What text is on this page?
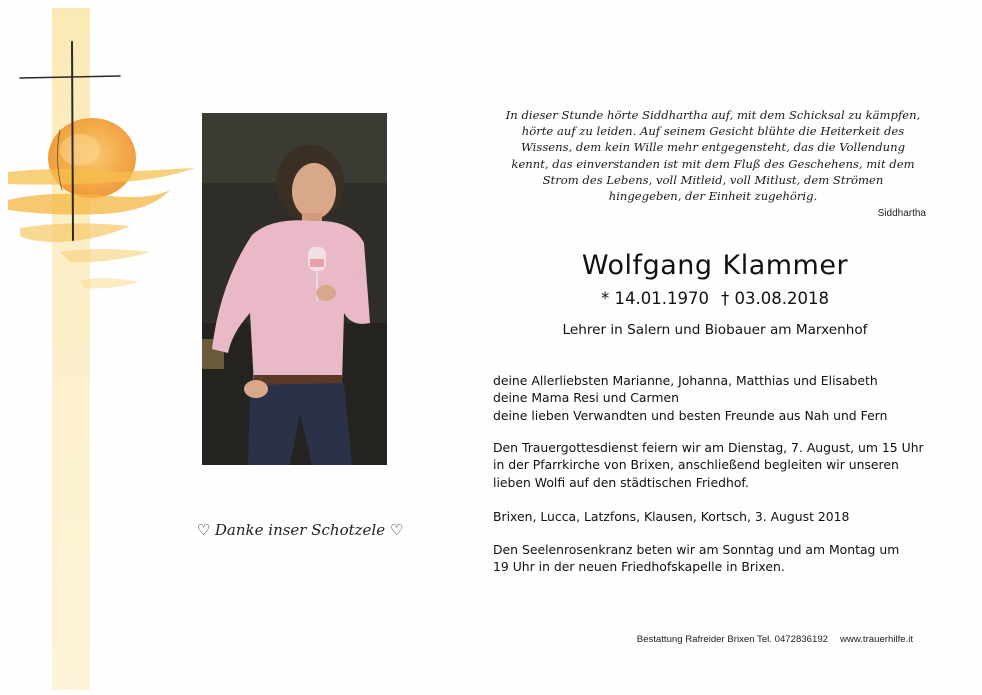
♡ Danke inser Schotzele ♡
In dieser Stunde hörte Siddhartha auf, mit dem Schicksal zu kämpfen,
hörte auf zu leiden. Auf seinem Gesicht blühte die Heiterkeit des
Wissens, dem kein Wille mehr entgegensteht, das die Vollendung
kennt, das einverstanden ist mit dem Fluß des Geschehens, mit dem
Strom des Lebens, voll Mitleid, voll Mitlust, dem Strömen
hingegeben, der Einheit zugehörig.
Siddhartha
Wolfgang Klammer
* 14.01.1970 † 03.08.2018
Lehrer in Salern und Biobauer am Marxenhof
deine Allerliebsten Marianne, Johanna, Matthias und Elisabeth
deine Mama Resi und Carmen
deine lieben Verwandten und besten Freunde aus Nah und Fern
Den Trauergottesdienst feiern wir am Dienstag, 7. August, um 15 Uhr
in der Pfarrkirche von Brixen, anschließend begleiten wir unseren
lieben Wolfi auf den städtischen Friedhof.
Brixen, Lucca, Latzfons, Klausen, Kortsch, 3. August 2018
Den Seelenrosenkranz beten wir am Sonntag und am Montag um
19 Uhr in der neuen Friedhofskapelle in Brixen.
Bestattung Rafreider Brixen Tel. 0472836192 www.trauerhilfe.it
